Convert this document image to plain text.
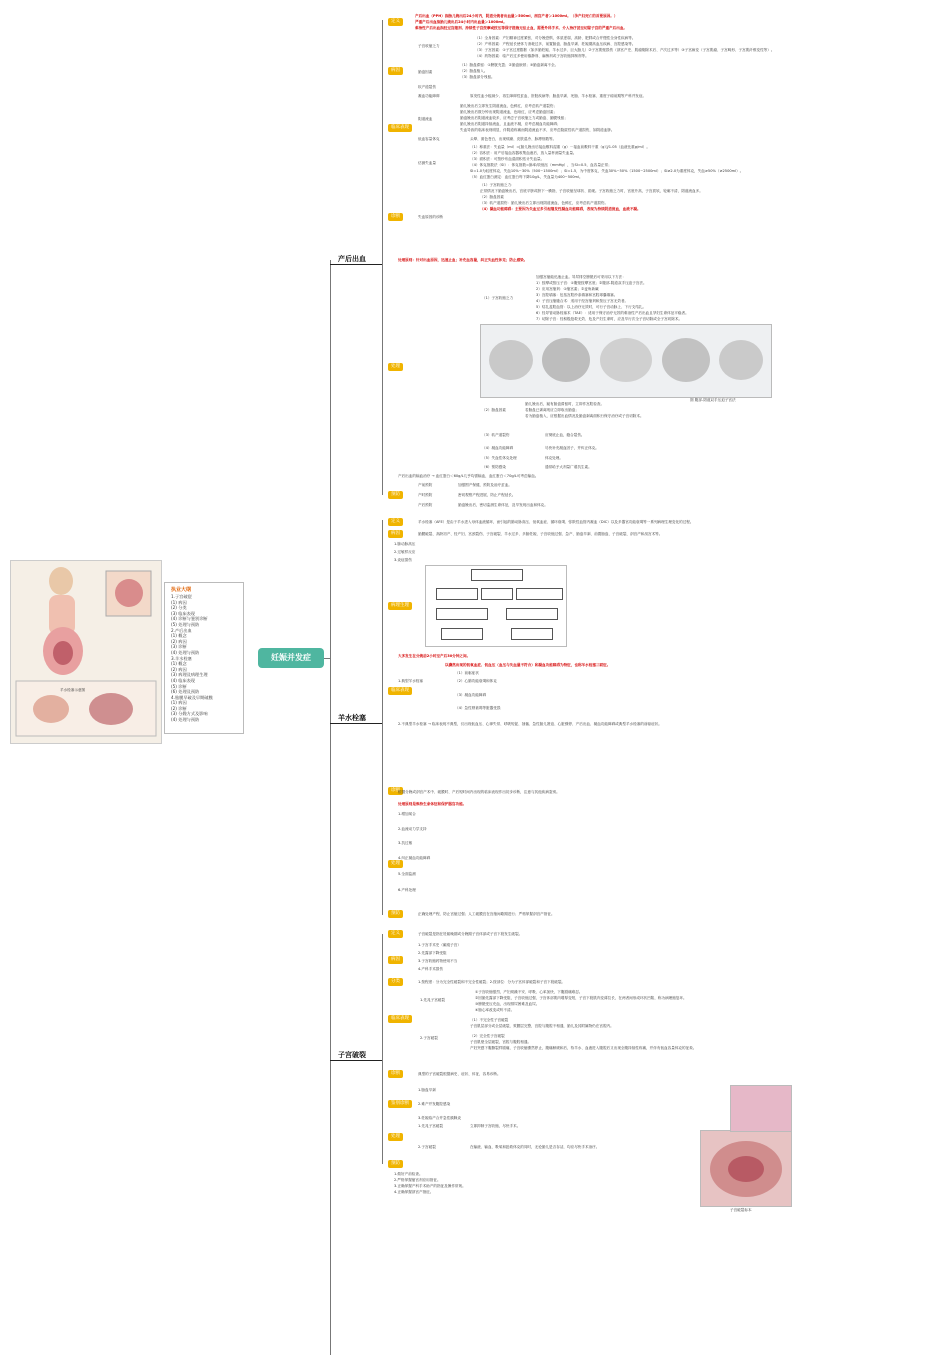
妊娠并发症
执业大纲
1.子宫破裂
(1) 病因
(2) 分类
(3) 临床表现
(4) 诊断与鉴别诊断
(5) 处理与预防
2.产后出血
(1) 概念
(2) 病因
(3) 诊断
(4) 处理与预防
3.羊水栓塞
(1) 概念
(2) 病因
(3) 病理及病理生理
(4) 临床表现
(5) 诊断
(6) 处理及预防
4.胎膜早破及早期破膜
(1) 病因
(2) 诊断
(3) 分娩方式及影响
(4) 处理与预防
羊水栓塞示意图
产后出血
羊水栓塞
子宫破裂
定义
产后出血（PPH）指胎儿娩出后24小时内，阴道分娩者出血量＞500ml，剖宫产者＞1000ml。（孕产妇死亡的首要原因。）
严重产后出血指胎儿娩出后24小时内出血量＞1000ml。
难治性产后出血指经过宫缩剂、持续性子宫按摩或按压等保守措施无法止血，需要外科手术、介入治疗甚至切除子宫的严重产后出血。
病因
子宫收缩乏力
（1）全身因素：产妇精神过度紧张，对分娩恐惧，体质虚弱，高龄、肥胖或合并慢性全身性疾病等。
（2）产科因素：产程延长使体力消耗过多，前置胎盘、胎盘早剥、妊娠期高血压疾病、宫腔感染等。
（3）子宫因素：①子宫过度膨胀（如多胎妊娠、羊水过多、巨大胎儿）②子宫肌壁损伤（剖宫产史、肌瘤剔除术后、产次过多等）③子宫病变（子宫肌瘤、子宫畸形、子宫肌纤维变性等）。
（4）药物因素：临产后过多使用镇静剂、麻醉剂或子宫收缩抑制剂等。
胎盘因素
（1）胎盘滞留：①膀胱充盈；②胎盘嵌顿；③胎盘剥离不全。
（2）胎盘植入。
（3）胎盘部分残留。
软产道裂伤
凝血功能障碍	原发性血小板减少、再生障碍性贫血、肝脏疾病等；胎盘早剥、死胎、羊水栓塞、重度子痫前期等产科并发症。
临床表现
阴道流血
胎儿娩出后立即发生阴道流血，色鲜红，应考虑软产道裂伤；
胎儿娩出后数分钟出现阴道流血，色暗红，应考虑胎盘因素；
胎盘娩出后阴道流血较多，应考虑子宫收缩乏力或胎盘、胎膜残留；
胎儿娩出后阴道持续流血，且血液不凝，应考虑凝血功能障碍；
失血导致的临床表现明显，伴阴道疼痛而阴道流血不多，应考虑隐匿性软产道损伤，如阴道血肿。
低血容量休克	头晕、面色苍白，出现烦躁、皮肤湿冷、脉搏细数等。
诊断
估测失血量
（1）称重法：失血量（ml）=[胎儿娩出后接血敷料湿重（g）－接血前敷料干重（g）]/1.05（血液比重g/ml）。
（2）容积法：用产后接血容器收集血液后，放入量杯测量失血量。
（3）面积法：可按纱布血湿面积估计失血量。
（4）休克指数法（SI）：休克指数=脉率/收缩压（mmHg），当SI=0.5，血容量正常；
SI=1.0为轻度休克，失血10%~30%（500~1500ml）；SI=1.5，为中度休克，失血30%~50%（1500~2500ml）；SI≥2.0为重度休克，失血≥50%（≥2500ml）。
（5）血红蛋白测定：血红蛋白每下降10g/L，失血量为400~500ml。
失血原因的诊断
（1）子宫收缩乏力：
正常情况下胎盘娩出后，宫底平脐或脐下一横指，子宫收缩呈球状、质硬。子宫收缩乏力时，宫底升高，子宫质软，轮廓不清，阴道流血多。
（2）胎盘因素
（3）软产道损伤：胎儿娩出后立即出现阴道流血，色鲜红，应考虑软产道损伤。
（4）凝血功能障碍：主要因为失血过多引起继发性凝血功能障碍，表现为持续阴道流血，血液不凝。
处理
处理原则：针对出血原因，迅速止血；补充血容量，纠正失血性休克；防止感染。
（1）子宫收缩乏力
加强宫缩能迅速止血。导尿排空膀胱后可采用以下方法：
1）按摩或按压子宫：①腹壁按摩宫底；②腹部-阴道双手压迫子宫法。
2）应用宫缩剂：①缩宫素；②麦角新碱
3）宫腔填塞：包括宫腔纱条填塞和宫腔球囊填塞。
4）子宫压缩缝合术：适用于经宫缩剂和按压子宫无效者。
5）结扎盆腔血管：以上治疗无效时，可行子宫动脉上、下行支结扎。
6）经导管动脉栓塞术（TAE）：适用于保守治疗无效的难治性产后出血且孕妇生命体征平稳者。
7）切除子宫：经积极抢救无效、危及产妇生命时，应及早行次全子宫切除或全子宫切除术。
图 腹部-阴道双手压迫子宫法
（2）胎盘因素
胎儿娩出后，疑有胎盘滞留时，立即作宫腔检查。
若胎盘已剥离则应立即取出胎盘；
若为胎盘植入，应根据出血情况及胎盘剥离面积行保守治疗或子宫切除术。
（3）软产道裂伤	应彻底止血，缝合裂伤。
（4）凝血功能障碍	尽快补充凝血因子，并纠正休克。
（5）失血性休克处理	休克处理。
（6）预防感染	通常给予大剂量广谱抗生素。
产后出血的输血治疗 → 血红蛋白＜60g/L几乎均需输血，血红蛋白＜70g/L可考虑输血。
预防
产前预防	加强围产保健，预防及治疗贫血。
产时预防	密切观察产程进展，防止产程延长。
产后预防	胎盘娩出后，密切监测生命体征，及早发现出血和休克。
定义	羊水栓塞（AFE）是由于羊水进入母体血液循环，而引起的肺动脉高压、低氧血症、循环衰竭、弥散性血管内凝血（DIC）以及多器官功能衰竭等一系列病理生理变化的过程。
病因	胎膜破裂、高龄初产、经产妇、宫颈裂伤、子宫破裂、羊水过多、多胎妊娠、子宫收缩过强、急产、胎盘早剥、前置胎盘、子宫破裂、剖宫产和刮宫术等。
1.肺动脉高压
2.过敏样反应
3.炎症损伤
病理生理
临床表现
大多发生在分娩前2小时至产后30分钟之间。
1.典型羊水栓塞
以骤然出现的低氧血症、低血压（血压与失血量不符合）和凝血功能障碍为特征，也称羊水栓塞三联征。
（1）前驱症状
（2）心肺功能衰竭和休克
（3）凝血功能障碍
（4）急性肾衰竭等脏器受损
2.不典型羊水栓塞 → 临床表现不典型，仅出现低血压、心律失常、呼吸短促、抽搐、急性胎儿窘迫、心脏骤停、产后出血、凝血功能障碍或典型羊水栓塞的前驱症状。
诊断
根据分娩或剖宫产术中、破膜时、产后短时间内出现的临床表现作出初步诊断，注意与其他疾病鉴别。
处理
处理原则是维持生命体征和保护器官功能。
1.增加氧合
2.血流动力学支持
3.抗过敏
4.纠正凝血功能障碍
5.全面监测
6.产科处理
预防	正确处理产程，防止宫缩过强；人工破膜宜在宫缩间歇期进行；严格掌握剖宫产指征。
定义	子宫破裂是指在妊娠晚期或分娩期子宫体部或子宫下段发生破裂。
病因
1.子宫手术史（瘢痕子宫）
2.先露部下降受阻
3.子宫收缩药物使用不当
4.产科手术损伤
分类	1.按程度：分为完全性破裂和不完全性破裂；2.按部位：分为子宫体部破裂和子宫下段破裂。
临床表现
1.先兆子宫破裂
①子宫收缩强烈，产妇烦躁不安、呼吸、心率加快，下腹剧痛难忍。
②因胎先露部下降受阻，子宫收缩过强，子宫体部肌肉增厚变短，子宫下段肌肉变薄拉长，在两者间形成环状凹陷，称为病理缩复环。
③膀胱受压充血，出现排尿困难及血尿。
④胎心率改变或听不清。
2.子宫破裂
（1）不完全性子宫破裂
子宫肌层部分或全层破裂，浆膜层完整，宫腔与腹腔不相通，胎儿及其附属物仍在宫腔内。
（2）完全性子宫破裂
子宫肌壁全层破裂，宫腔与腹腔相通。
产妇突感下腹撕裂样剧痛，子宫收缩骤然停止，腹痛稍缓和后，待羊水、血液进入腹腔后又出现全腹持续性疼痛，并伴有低血容量休克的征象。
诊断	典型的子宫破裂根据病史、症状、体征，容易诊断。
鉴别诊断
1.胎盘早剥
2.难产并发腹腔感染
3.妊娠临产合并急性胰腺炎
处理
1.先兆子宫破裂	立即抑制子宫收缩，尽快手术。
2.子宫破裂	在输液、输血、吸氧和抢救休克的同时，无论胎儿是否存活，均应尽快手术治疗。
预防
1.做好产前检查。
2.严格掌握缩宫剂应用指征。
3.正确掌握产科手术助产的指征及操作常规。
4.正确掌握剖宫产指征。
子宫破裂标本
